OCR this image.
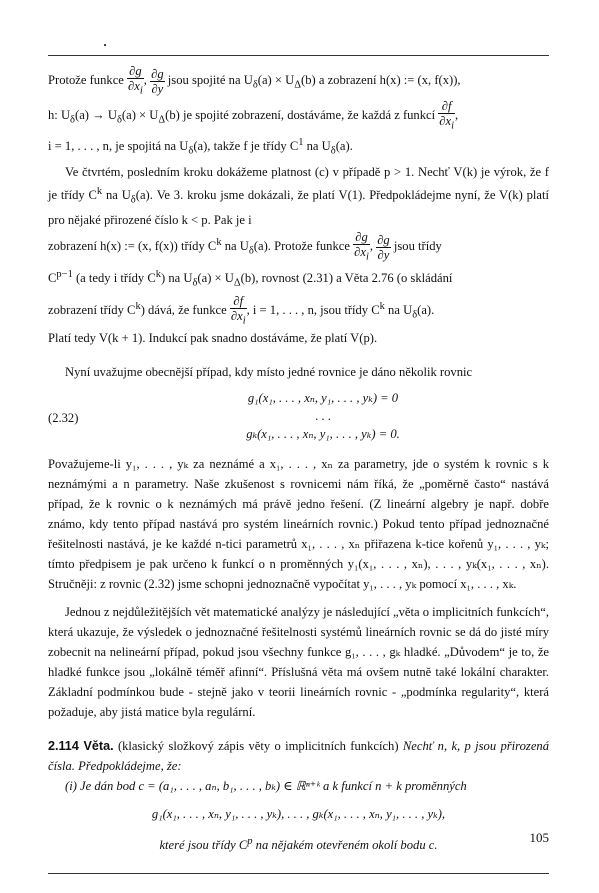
Protože funkce $\frac{\partial g}{\partial x_i}$ , $\frac{\partial g}{\partial y}$ jsou spojité na $U_\delta(a) \times U_\Delta(b)$ a zobrazení h(x) := (x, f(x)),

h: $U_\delta(a) \to U_\delta(a) \times U_\Delta(b)$ je spojité zobrazení, dostáváme, že každá z funkcí $\frac{\partial f}{\partial x_i}$ ,

i = 1, . . . , n, je spojitá na $U_\delta(a)$, takže f je třídy $C^1$ na $U_\delta(a)$.

Ve čtvrtém, posledním kroku dokážeme platnost (c) v případě p > 1. Nechť V(k) je výrok, že f je třídy $C^k$ na $U_\delta(a)$. Ve 3. kroku jsme dokázali, že platí V(1). Předpokládejme nyní, že V(k) platí pro nějaké přirozené číslo k < p. Pak je i

zobrazení h(x) := (x, f(x)) třídy $C^k$ na $U_\delta(a)$. Protože funkce $\frac{\partial g}{\partial x_i}$ , $\frac{\partial g}{\partial y}$ jsou třídy

$C^{p-1}$ (a tedy i třídy $C^k$) na $U_\delta(a) \times U_\Delta(b)$, rovnost (2.31) a Věta 2.76 (o skládání

zobrazení třídy $C^k$) dává, že funkce $\frac{\partial f}{\partial x_i}$ , i = 1, . . . , n, jsou třídy $C^k$ na $U_\delta(a)$.

Platí tedy V(k + 1). Indukcí pak snadno dostáváme, že platí V(p).

Nyní uvažujme obecnější případ, kdy místo jedné rovnice je dáno několik rovnic

(2.32)
g₁(x₁, . . . , xₙ, y₁, . . . , yₖ) = 0
. . .
gₖ(x₁, . . . , xₙ, y₁, . . . , yₖ) = 0.

Považujeme-li y₁, . . . , yₖ za neznámé a x₁, . . . , xₙ za parametry, jde o systém k rovnic s k neznámými a n parametry. Naše zkušenost s rovnicemi nám říká, že „poměrně často“ nastává případ, že k rovnic o k neznámých má právě jedno řešení. (Z lineární algebry je např. dobře známo, kdy tento případ nastává pro systém lineárních rovnic.) Pokud tento případ jednoznačné řešitelnosti nastává, je ke každé n-tici parametrů x₁, . . . , xₙ přiřazena k-tice kořenů y₁, . . . , yₖ; tímto předpisem je pak určeno k funkcí o n proměnných y₁(x₁, . . . , xₙ), . . . , yₖ(x₁, . . . , xₙ). Stručněji: z rovnic (2.32) jsme schopni jednoznačně vypočítat y₁, . . . , yₖ pomocí x₁, . . . , xₖ.

Jednou z nejdůležitějších vět matematické analýzy je následující „věta o implicitních funkcích“, která ukazuje, že výsledek o jednoznačné řešitelnosti systémů lineárních rovnic se dá do jisté míry zobecnit na nelineární případ, pokud jsou všechny funkce g₁, . . . , gₖ hladké. „Důvodem“ je to, že hladké funkce jsou „lokálně téměř afinní“. Příslušná věta má ovšem nutně také lokální charakter. Základní podmínkou bude - stejně jako v teorii lineárních rovnic - „podmínka regularity“, která požaduje, aby jistá matice byla regulární.

2.114 Věta. (klasický složkový zápis věty o implicitních funkcích) Nechť n, k, p jsou přirozená čísla. Předpokládejme, že:

(i) Je dán bod c = (a₁, . . . , aₙ, b₁, . . . , bₖ) ∈ ℝⁿ⁺ᵏ a k funkcí n + k proměnných

g₁(x₁, . . . , xₙ, y₁, . . . , yₖ), . . . , gₖ(x₁, . . . , xₙ, y₁, . . . , yₖ),

které jsou třídy $C^p$ na nějakém otevřeném okolí bodu c.

105
